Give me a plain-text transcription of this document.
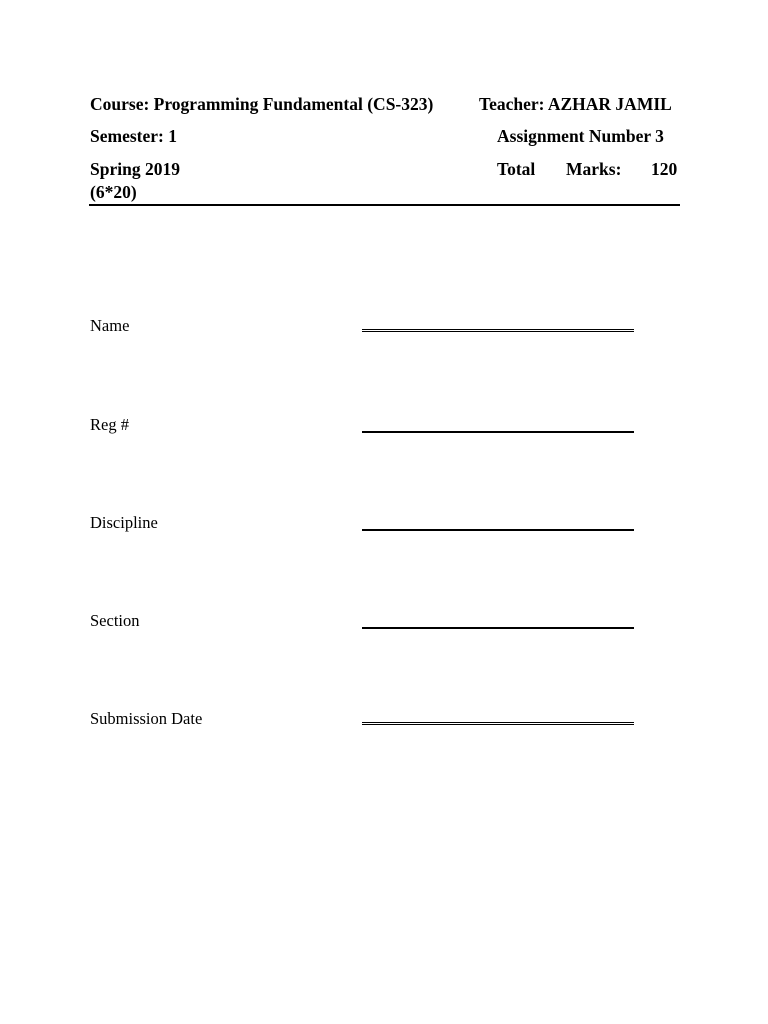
Course: Programming Fundamental (CS-323)	Teacher: AZHAR JAMIL
Semester: 1	Assignment Number 3
Spring 2019	Total Marks: 120
(6*20)
Name
Reg #
Discipline
Section
Submission Date
